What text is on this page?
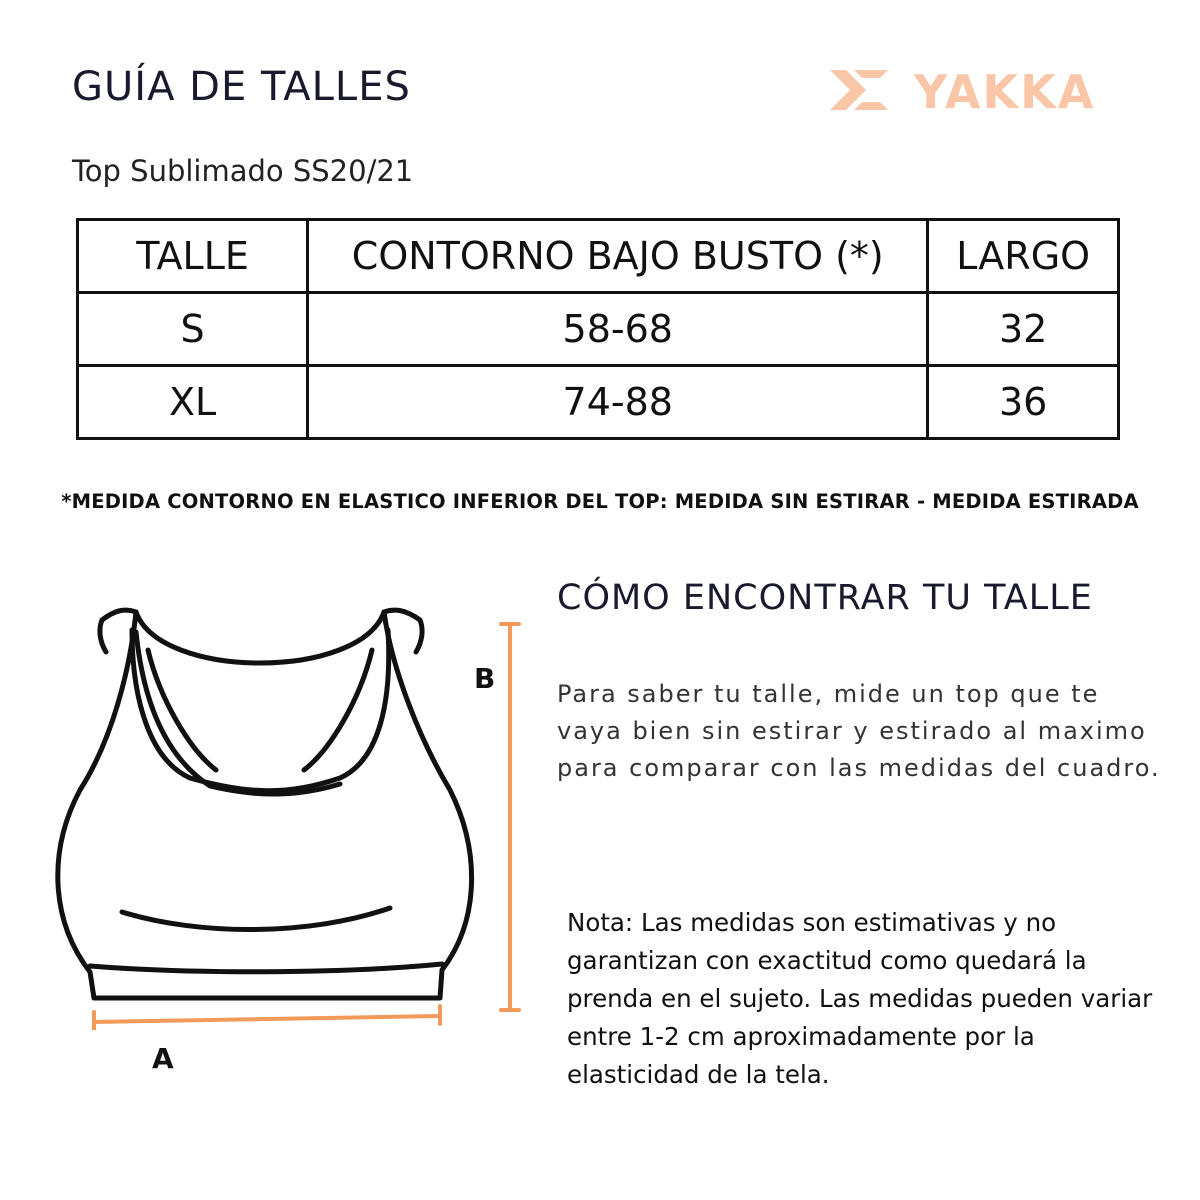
GUÍA DE TALLES
Top Sublimado SS20/21
YAKKA
TALLE	CONTORNO BAJO BUSTO (*)	LARGO
S	58-68	32
XL	74-88	36
*MEDIDA CONTORNO EN ELASTICO INFERIOR DEL TOP: MEDIDA SIN ESTIRAR - MEDIDA ESTIRADA
B
A
CÓMO ENCONTRAR TU TALLE
Para saber tu talle, mide un top que te vaya bien sin estirar y estirado al maximo para comparar con las medidas del cuadro.
Nota: Las medidas son estimativas y no garantizan con exactitud como quedará la prenda en el sujeto. Las medidas pueden variar entre 1-2 cm aproximadamente por la elasticidad de la tela.
